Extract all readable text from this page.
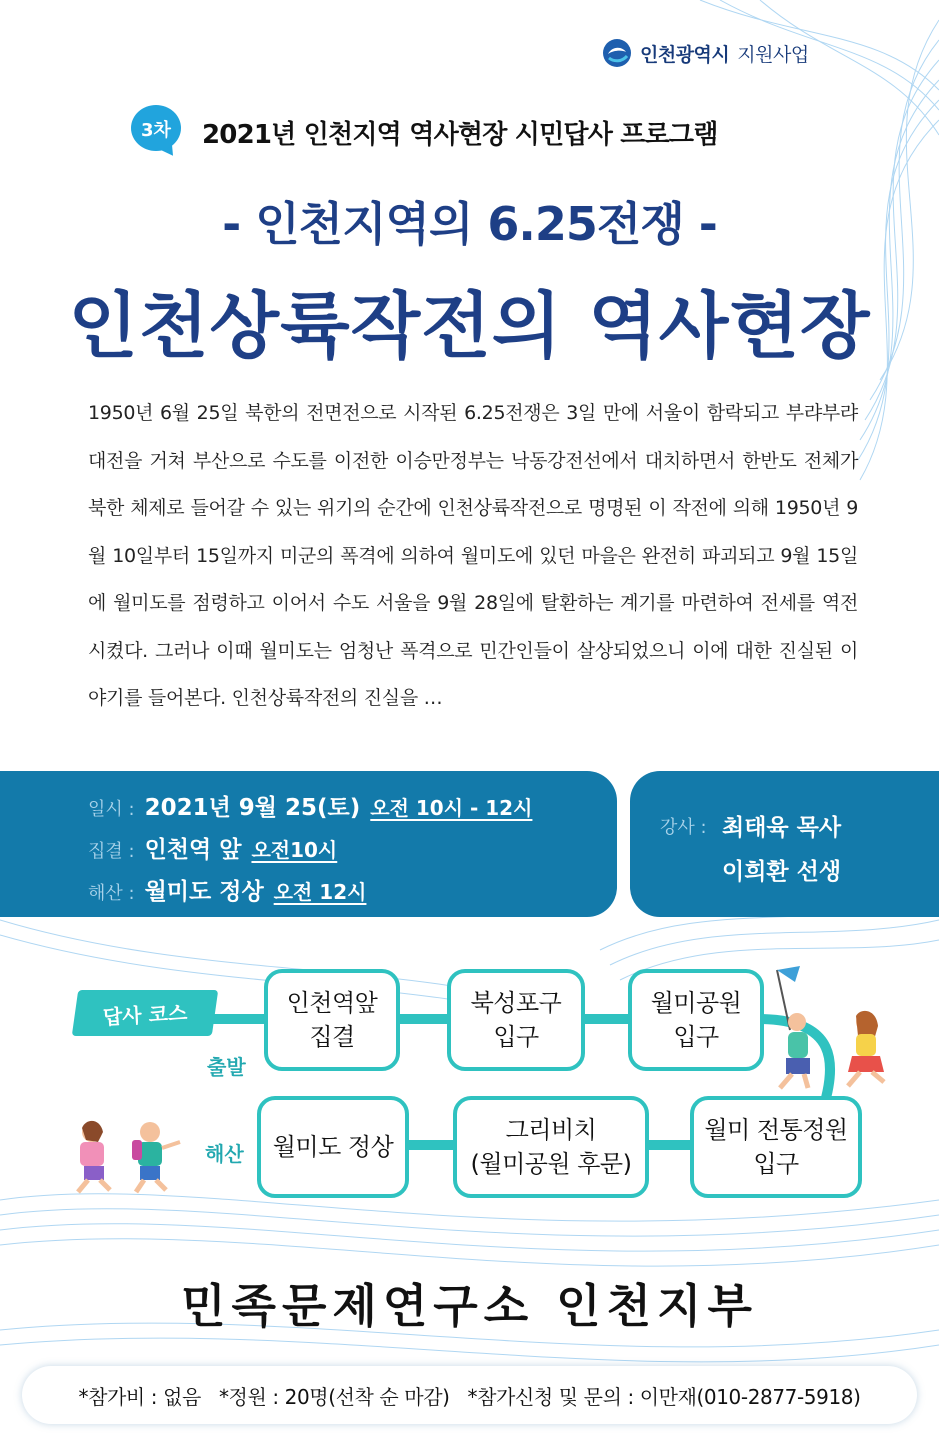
인천광역시 지원사업
3차	2021년 인천지역 역사현장 시민답사 프로그램
- 인천지역의 6.25전쟁 -
인천상륙작전의 역사현장
1950년 6월 25일 북한의 전면전으로 시작된 6.25전쟁은 3일 만에 서울이 함락되고 부랴부랴 대전을 거쳐 부산으로 수도를 이전한 이승만정부는 낙동강전선에서 대치하면서 한반도 전체가 북한 체제로 들어갈 수 있는 위기의 순간에 인천상륙작전으로 명명된 이 작전에 의해 1950년 9월 10일부터 15일까지 미군의 폭격에 의하여 월미도에 있던 마을은 완전히 파괴되고 9월 15일에 월미도를 점령하고 이어서 수도 서울을 9월 28일에 탈환하는 계기를 마련하여 전세를 역전시켰다. 그러나 이때 월미도는 엄청난 폭격으로 민간인들이 살상되었으니 이에 대한 진실된 이야기를 들어본다. 인천상륙작전의 진실을 …
일시 : 2021년 9월 25(토) 오전 10시 - 12시
집결 : 인천역 앞 오전10시
해산 : 월미도 정상 오전 12시
강사 : 최태육 목사
이희환 선생
답사 코스
출발
해산
인천역앞
집결
북성포구
입구
월미공원
입구
월미도 정상
그리비치
(월미공원 후문)
월미 전통정원
입구
민족문제연구소 인천지부
*참가비 : 없음 *정원 : 20명(선착 순 마감) *참가신청 및 문의 : 이만재(010-2877-5918)
